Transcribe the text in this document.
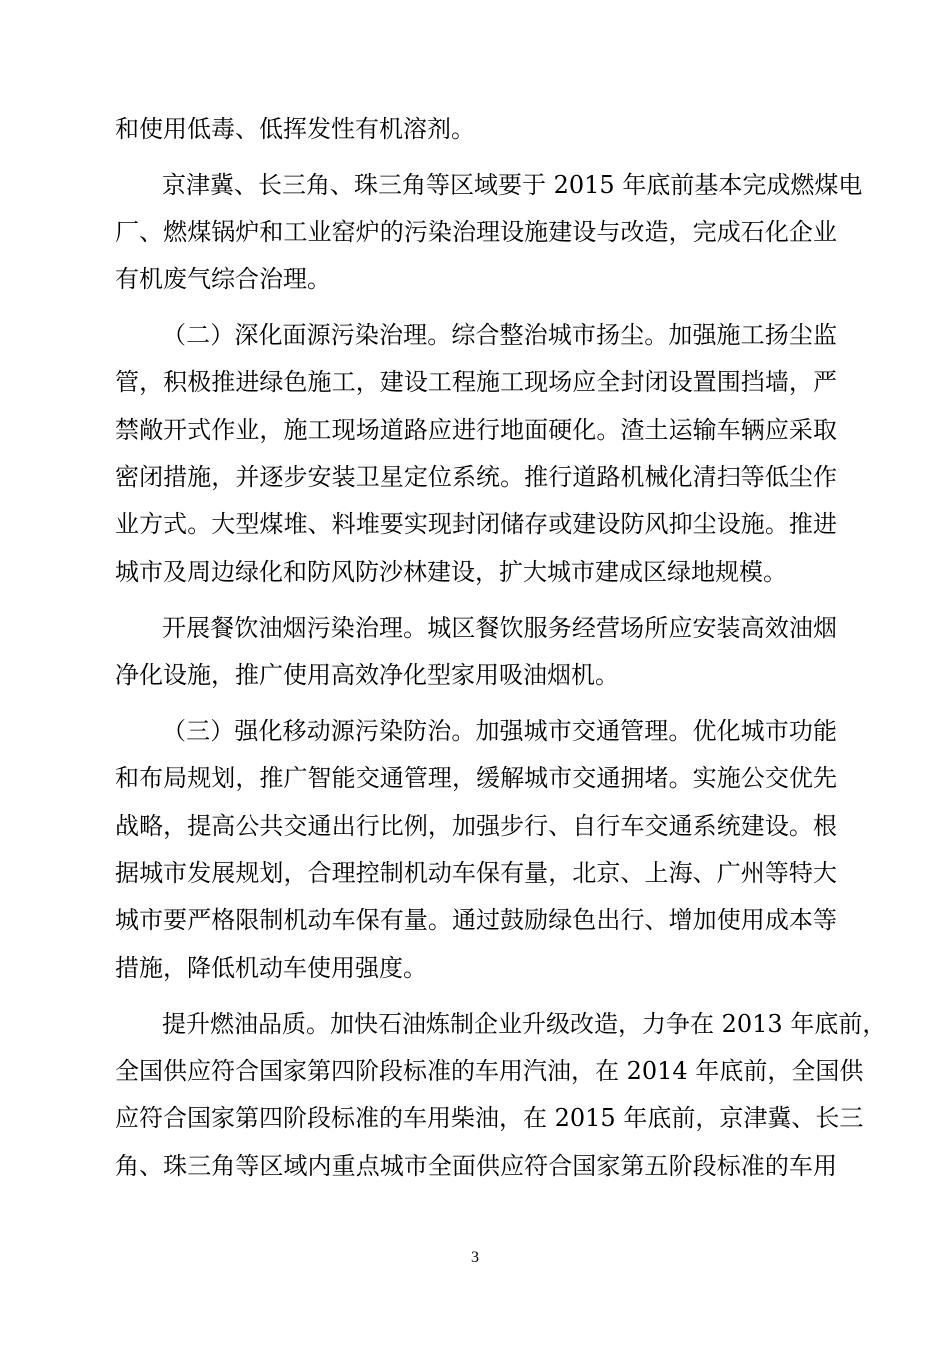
和使用低毒、低挥发性有机溶剂。
京津冀、长三角、珠三角等区域要于 2015 年底前基本完成燃煤电
厂、燃煤锅炉和工业窑炉的污染治理设施建设与改造，完成石化企业
有机废气综合治理。
（二）深化面源污染治理。综合整治城市扬尘。加强施工扬尘监
管，积极推进绿色施工，建设工程施工现场应全封闭设置围挡墙，严
禁敞开式作业，施工现场道路应进行地面硬化。渣土运输车辆应采取
密闭措施，并逐步安装卫星定位系统。推行道路机械化清扫等低尘作
业方式。大型煤堆、料堆要实现封闭储存或建设防风抑尘设施。推进
城市及周边绿化和防风防沙林建设，扩大城市建成区绿地规模。
开展餐饮油烟污染治理。城区餐饮服务经营场所应安装高效油烟
净化设施，推广使用高效净化型家用吸油烟机。
（三）强化移动源污染防治。加强城市交通管理。优化城市功能
和布局规划，推广智能交通管理，缓解城市交通拥堵。实施公交优先
战略，提高公共交通出行比例，加强步行、自行车交通系统建设。根
据城市发展规划，合理控制机动车保有量，北京、上海、广州等特大
城市要严格限制机动车保有量。通过鼓励绿色出行、增加使用成本等
措施，降低机动车使用强度。
提升燃油品质。加快石油炼制企业升级改造，力争在 2013 年底前，
全国供应符合国家第四阶段标准的车用汽油，在 2014 年底前，全国供
应符合国家第四阶段标准的车用柴油，在 2015 年底前，京津冀、长三
角、珠三角等区域内重点城市全面供应符合国家第五阶段标准的车用
3
